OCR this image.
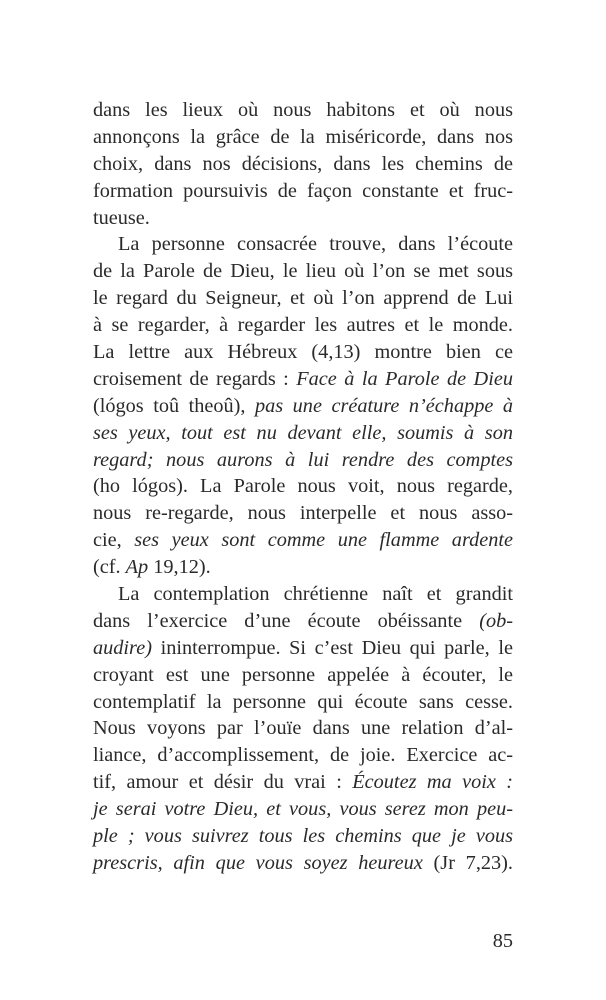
dans les lieux où nous habitons et où nous
annonçons la grâce de la miséricorde, dans nos
choix, dans nos décisions, dans les chemins de
formation poursuivis de façon constante et fruc-
tueuse.
La personne consacrée trouve, dans l’écoute
de la Parole de Dieu, le lieu où l’on se met sous
le regard du Seigneur, et où l’on apprend de Lui
à se regarder, à regarder les autres et le monde.
La lettre aux Hébreux (4,13) montre bien ce
croisement de regards : Face à la Parole de Dieu
(lógos toû theoû), pas une créature n’échappe à
ses yeux, tout est nu devant elle, soumis à son
regard; nous aurons à lui rendre des comptes
(ho lógos). La Parole nous voit, nous regarde,
nous re-regarde, nous interpelle et nous asso-
cie, ses yeux sont comme une flamme ardente
(cf. Ap 19,12).
La contemplation chrétienne naît et grandit
dans l’exercice d’une écoute obéissante (ob-
audire) ininterrompue. Si c’est Dieu qui parle, le
croyant est une personne appelée à écouter, le
contemplatif la personne qui écoute sans cesse.
Nous voyons par l’ouïe dans une relation d’al-
liance, d’accomplissement, de joie. Exercice ac-
tif, amour et désir du vrai : Écoutez ma voix :
je serai votre Dieu, et vous, vous serez mon peu-
ple ; vous suivrez tous les chemins que je vous
prescris, afin que vous soyez heureux (Jr 7,23).
85
